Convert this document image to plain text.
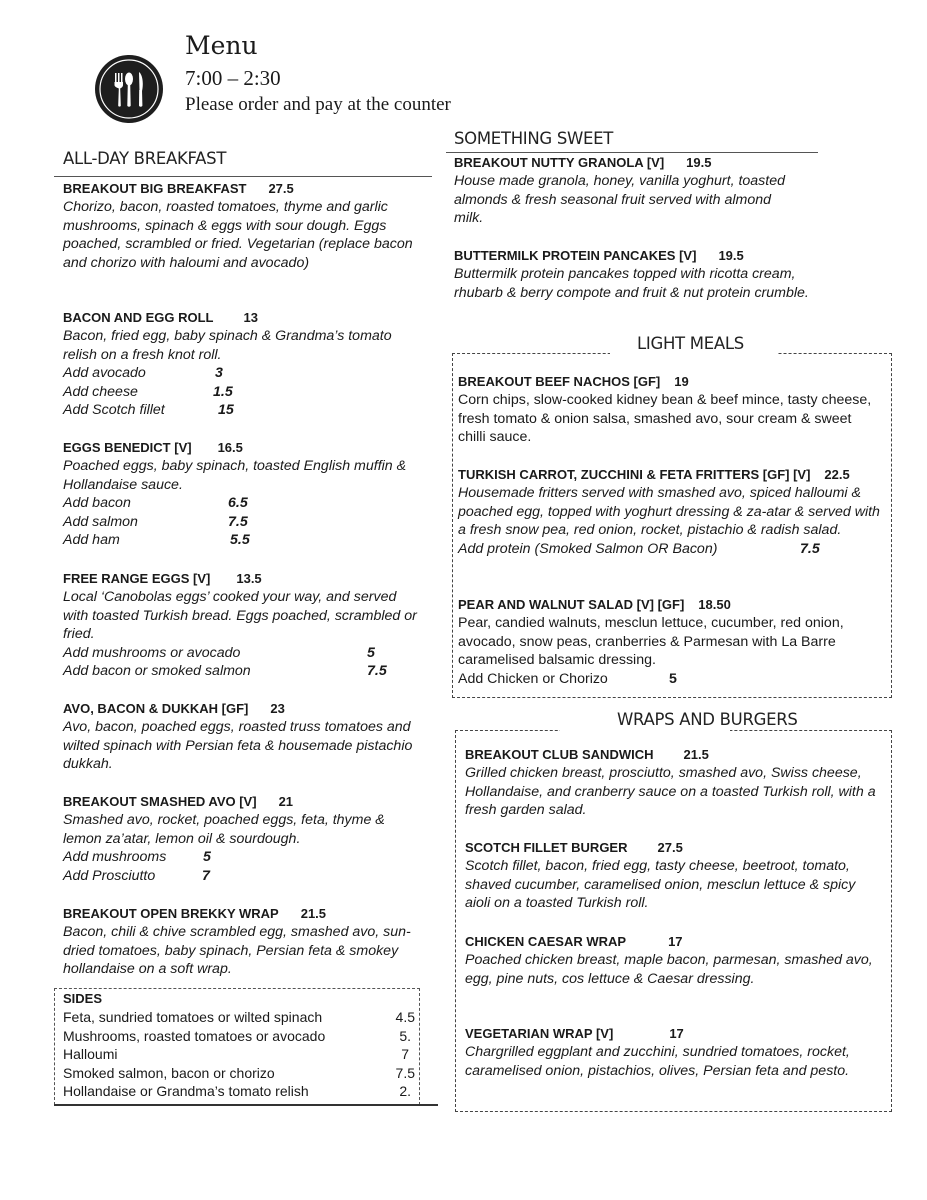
Menu
7:00 – 2:30
Please order and pay at the counter
ALL-DAY BREAKFAST
BREAKOUT BIG BREAKFAST 27.5
Chorizo, bacon, roasted tomatoes, thyme and garlic mushrooms, spinach & eggs with sour dough. Eggs poached, scrambled or fried. Vegetarian (replace bacon and chorizo with haloumi and avocado)
BACON AND EGG ROLL 13
Bacon, fried egg, baby spinach & Grandma’s tomato relish on a fresh knot roll.
Add avocado	3
Add cheese	1.5
Add Scotch fillet	15
EGGS BENEDICT [V] 16.5
Poached eggs, baby spinach, toasted English muffin & Hollandaise sauce.
Add bacon	6.5
Add salmon	7.5
Add ham	5.5
FREE RANGE EGGS [V] 13.5
Local ‘Canobolas eggs’ cooked your way, and served with toasted Turkish bread. Eggs poached, scrambled or fried.
Add mushrooms or avocado	5
Add bacon or smoked salmon	7.5
AVO, BACON & DUKKAH [GF] 23
Avo, bacon, poached eggs, roasted truss tomatoes and wilted spinach with Persian feta & housemade pistachio dukkah.
BREAKOUT SMASHED AVO [V] 21
Smashed avo, rocket, poached eggs, feta, thyme & lemon za’atar, lemon oil & sourdough.
Add mushrooms	5
Add Prosciutto	7
BREAKOUT OPEN BREKKY WRAP 21.5
Bacon, chili & chive scrambled egg, smashed avo, sun-dried tomatoes, baby spinach, Persian feta & smokey hollandaise on a soft wrap.
SIDES
Feta, sundried tomatoes or wilted spinach	4.5
Mushrooms, roasted tomatoes or avocado	5.
Halloumi	7
Smoked salmon, bacon or chorizo	7.5
Hollandaise or Grandma’s tomato relish	2.
SOMETHING SWEET
BREAKOUT NUTTY GRANOLA [V] 19.5
House made granola, honey, vanilla yoghurt, toasted almonds & fresh seasonal fruit served with almond milk.
BUTTERMILK PROTEIN PANCAKES [V] 19.5
Buttermilk protein pancakes topped with ricotta cream, rhubarb & berry compote and fruit & nut protein crumble.
LIGHT MEALS
BREAKOUT BEEF NACHOS [GF] 19
Corn chips, slow-cooked kidney bean & beef mince, tasty cheese, fresh tomato & onion salsa, smashed avo, sour cream & sweet chilli sauce.
TURKISH CARROT, ZUCCHINI & FETA FRITTERS [GF] [V] 22.5
Housemade fritters served with smashed avo, spiced halloumi & poached egg, topped with yoghurt dressing & za-atar & served with a fresh snow pea, red onion, rocket, pistachio & radish salad.
Add protein (Smoked Salmon OR Bacon)	7.5
PEAR AND WALNUT SALAD [V] [GF] 18.50
Pear, candied walnuts, mesclun lettuce, cucumber, red onion, avocado, snow peas, cranberries & Parmesan with La Barre caramelised balsamic dressing.
Add Chicken or Chorizo	5
WRAPS AND BURGERS
BREAKOUT CLUB SANDWICH 21.5
Grilled chicken breast, prosciutto, smashed avo, Swiss cheese, Hollandaise, and cranberry sauce on a toasted Turkish roll, with a fresh garden salad.
SCOTCH FILLET BURGER 27.5
Scotch fillet, bacon, fried egg, tasty cheese, beetroot, tomato, shaved cucumber, caramelised onion, mesclun lettuce & spicy aioli on a toasted Turkish roll.
CHICKEN CAESAR WRAP	17
Poached chicken breast, maple bacon, parmesan, smashed avo, egg, pine nuts, cos lettuce & Caesar dressing.
VEGETARIAN WRAP [V]	17
Chargrilled eggplant and zucchini, sundried tomatoes, rocket, caramelised onion, pistachios, olives, Persian feta and pesto.
